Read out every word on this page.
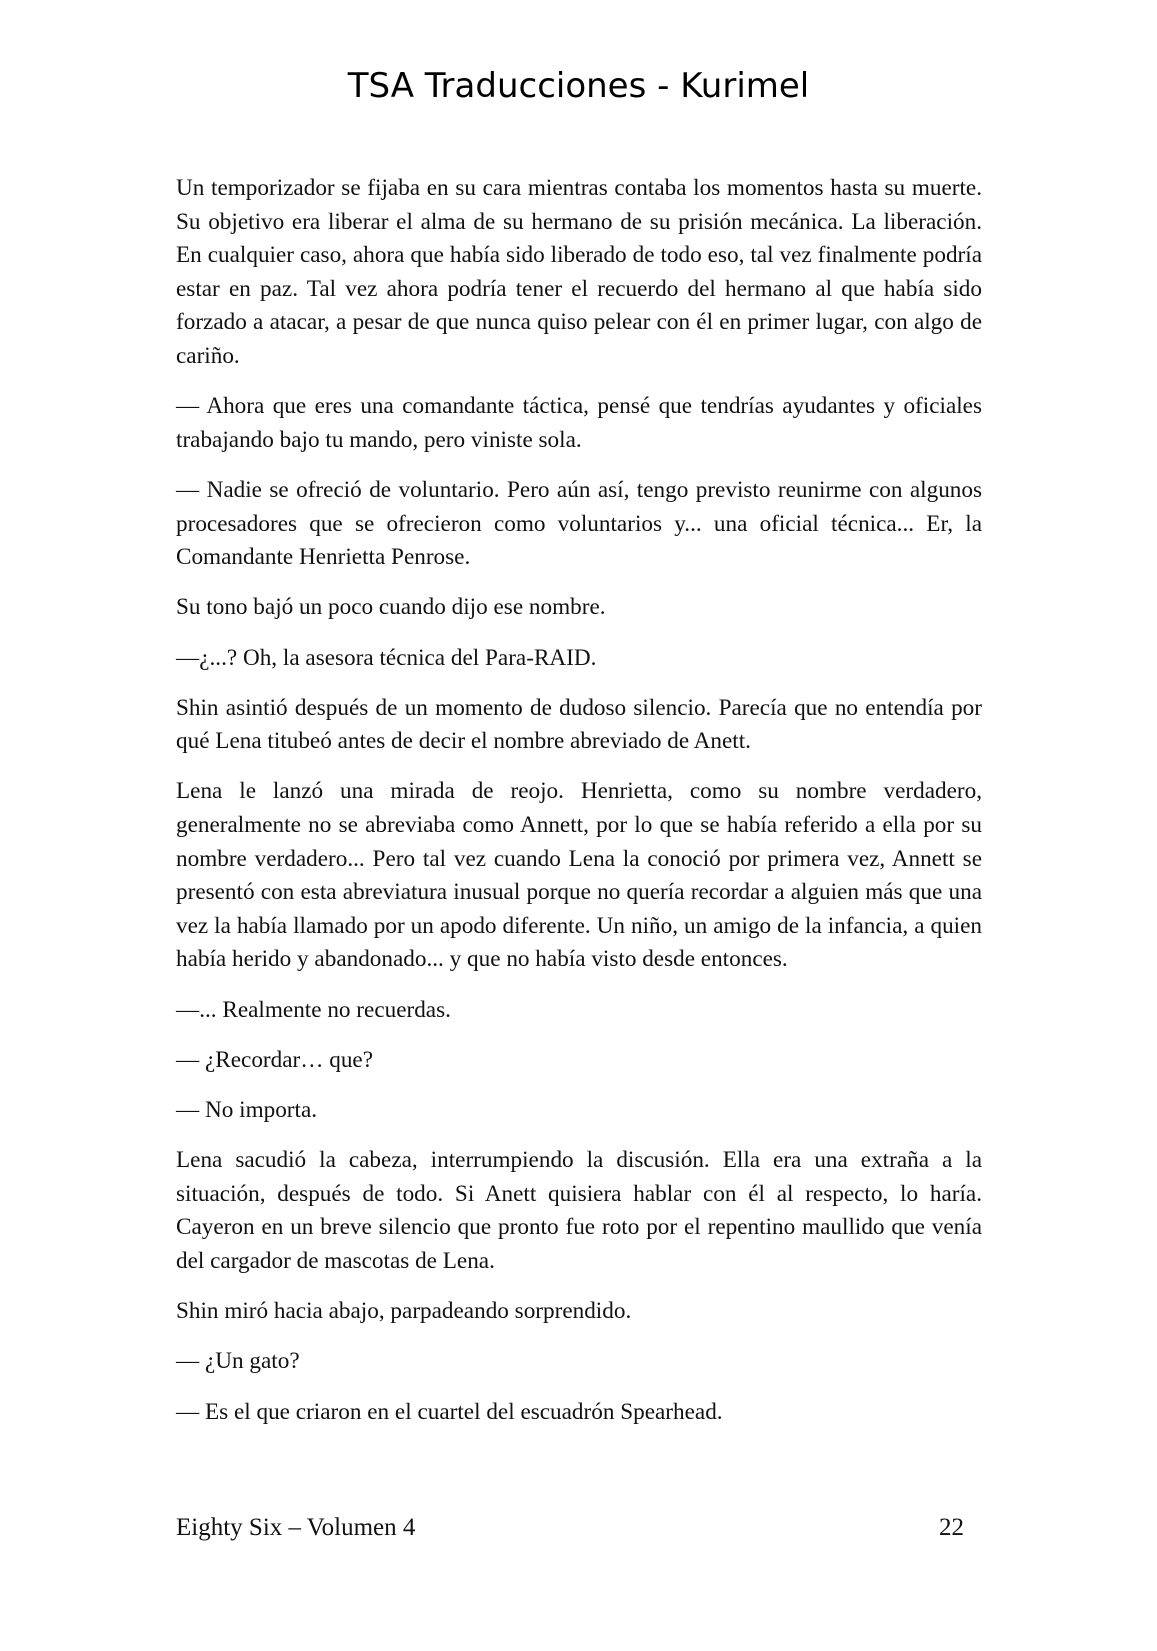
TSA Traducciones - Kurimel

Un temporizador se fijaba en su cara mientras contaba los momentos hasta su muerte. Su objetivo era liberar el alma de su hermano de su prisión mecánica. La liberación. En cualquier caso, ahora que había sido liberado de todo eso, tal vez finalmente podría estar en paz. Tal vez ahora podría tener el recuerdo del hermano al que había sido forzado a atacar, a pesar de que nunca quiso pelear con él en primer lugar, con algo de cariño.

— Ahora que eres una comandante táctica, pensé que tendrías ayudantes y oficiales trabajando bajo tu mando, pero viniste sola.

— Nadie se ofreció de voluntario. Pero aún así, tengo previsto reunirme con algunos procesadores que se ofrecieron como voluntarios y... una oficial técnica... Er, la Comandante Henrietta Penrose.

Su tono bajó un poco cuando dijo ese nombre.

—¿...? Oh, la asesora técnica del Para-RAID.

Shin asintió después de un momento de dudoso silencio. Parecía que no entendía por qué Lena titubeó antes de decir el nombre abreviado de Anett.

Lena le lanzó una mirada de reojo. Henrietta, como su nombre verdadero, generalmente no se abreviaba como Annett, por lo que se había referido a ella por su nombre verdadero... Pero tal vez cuando Lena la conoció por primera vez, Annett se presentó con esta abreviatura inusual porque no quería recordar a alguien más que una vez la había llamado por un apodo diferente. Un niño, un amigo de la infancia, a quien había herido y abandonado... y que no había visto desde entonces.

—... Realmente no recuerdas.

— ¿Recordar… que?

— No importa.

Lena sacudió la cabeza, interrumpiendo la discusión. Ella era una extraña a la situación, después de todo. Si Anett quisiera hablar con él al respecto, lo haría. Cayeron en un breve silencio que pronto fue roto por el repentino maullido que venía del cargador de mascotas de Lena.

Shin miró hacia abajo, parpadeando sorprendido.

— ¿Un gato?

— Es el que criaron en el cuartel del escuadrón Spearhead.

Eighty Six – Volumen 4	22
